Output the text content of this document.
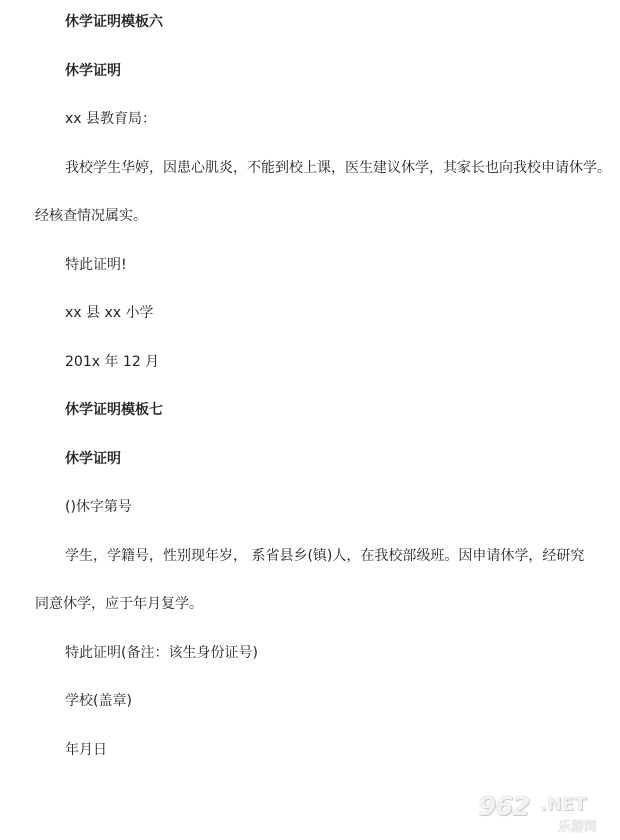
休学证明模板六

休学证明

xx 县教育局：

我校学生华婷，因患心肌炎，不能到校上课，医生建议休学，其家长也向我校申请休学。

经核查情况属实。

特此证明!

xx 县 xx 小学

201x 年 12 月

休学证明模板七

休学证明

()休字第号

学生，学籍号，性别现年岁， 系省县乡(镇)人，在我校部级班。因申请休学，经研究

同意休学，应于年月复学。

特此证明(备注：该生身份证号)

学校(盖章)

年月日

962 .NET
乐游网
